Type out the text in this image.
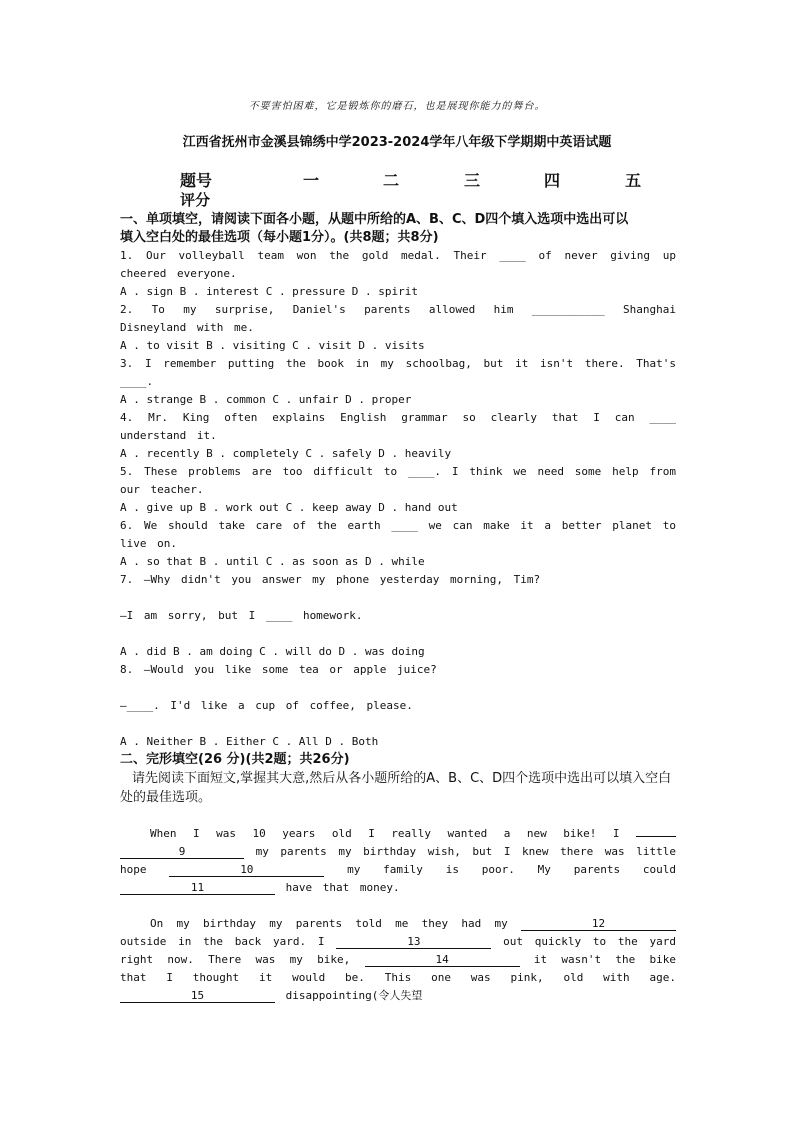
不要害怕困难，它是锻炼你的磨石，也是展现你能力的舞台。
江西省抚州市金溪县锦绣中学2023-2024学年八年级下学期期中英语试题
题号	一	二	三	四	五
评分

一、单项填空，请阅读下面各小题，从题中所给的A、B、C、D四个填入选项中选出可以

填入空白处的最佳选项（每小题1分）。(共8题；共8分)

1. Our volleyball team won the gold medal. Their ____ of never giving up cheered everyone.

A . sign B . interest C . pressure D . spirit

2. To my surprise, Daniel's parents allowed him ___________ Shanghai Disneyland with me.

A . to visit B . visiting C . visit D . visits

3. I remember putting the book in my schoolbag, but it isn't there. That's ____.

A . strange B . common C . unfair D . proper

4. Mr. King often explains English grammar so clearly that I can ____ understand it.

A . recently B . completely C . safely D . heavily

5. These problems are too difficult to ____. I think we need some help from our teacher.

A . give up B . work out C . keep away D . hand out

6. We should take care of the earth ____ we can make it a better planet to live on.

A . so that B . until C . as soon as D . while

7. —Why didn't you answer my phone yesterday morning, Tim?

—I am sorry, but I ____ homework.

A . did B . am doing C . will do D . was doing

8. —Would you like some tea or apple juice?

—____. I'd like a cup of coffee, please.

A . Neither B . Either C . All D . Both

二、完形填空(26 分)(共2题；共26分)

请先阅读下面短文,掌握其大意,然后从各小题所给的A、B、C、D四个选项中选出可以填入空白处的最佳选项。

When I was 10 years old I really wanted a new bike! I  9	my parents my birthday wish, but I knew there was little hope	10	my family is poor. My parents could 11	have that money.

On my birthday my parents told me they had my	12 outside in the back yard. I	13	out quickly to the yard right now. There was my bike,	14	it wasn't the bike that I thought it would be. This one was pink, old with age. 15	disappointing(令人失望
